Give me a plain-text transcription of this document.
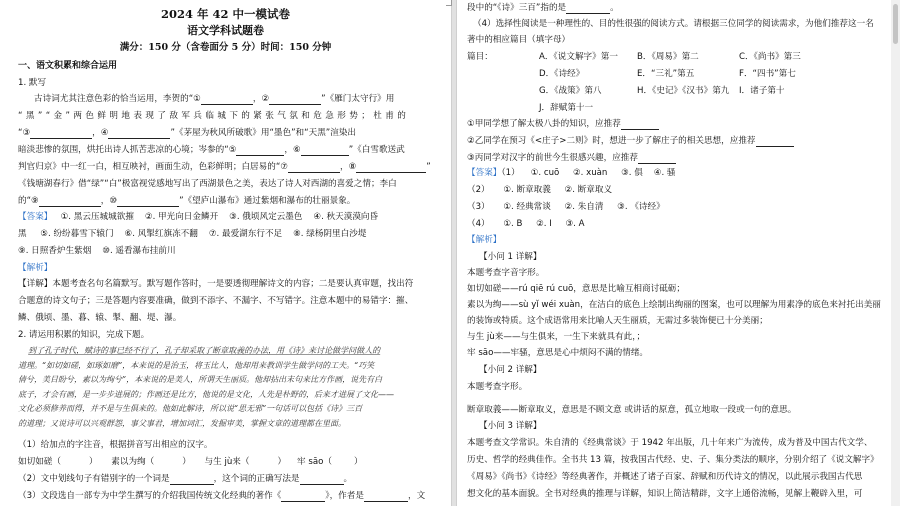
2024 年 42 中一模试卷
语文学科试题卷
满分：150 分（含卷面分 5 分）时间：150 分钟
一、语文积累和综合运用
1. 默写
古诗词尤其注意色彩的恰当运用，李贺的“①	，②	”《雁门太守行》用
“黑”“金”两色鲜明地表现了敌军兵临城下的紧张气氛和危急形势；杜甫的
“③	，④	”《茅屋为秋风所破歌》用“墨色”和“天黑”渲染出
暗淡悲惨的氛围，烘托出诗人抓苦悲凉的心境；岑参的“⑤	，⑥	”《白雪歌送武
判官归京》中一红一白，相互映衬，画面生动，色彩鲜明；白居易的“⑦	，⑧	”
《钱塘湖春行》借“绿”“白”极富视觉感地写出了西湖景色之美，表达了诗人对西湖的喜爱之情；李白
的“⑨	，⑩	”《望庐山瀑布》通过紫烟和瀑布的壮丽景象。
【答案】 ①. 黑云压城城欲摧 ②. 甲光向日金鳞开 ③. 俄顷风定云墨色 ④. 秋天漠漠向昏
黑 ⑤. 纷纷暮雪下辕门 ⑥. 风掣红旗冻不翻 ⑦. 最爱湖东行不足 ⑧. 绿杨阴里白沙堤
⑨. 日照香炉生紫烟 ⑩. 遥看瀑布挂前川
【解析】
【详解】本题考查名句名篇默写。默写题作答时，一是要透彻理解诗文的内容；二是要认真审题，找出符
合题意的诗文句子；三是答题内容要准确，做到不添字、不漏字、不写错字。注意本题中的易错字：摧、
鳞、俄顷、墨、暮、辕、掣、翻、堤、瀑。
2. 请运用积累的知识，完成下题。
到了孔子时代，赋诗的事已经不行了，孔子却采取了断章取義的办法，用《诗》来讨论做学问做人的
道理。“如切如磋，如琢如磨”，本来说的是治玉，将玉比人，他却用来教训学生做学问的工夫。“巧笑
倩兮，美目盼兮，素以为绚兮”，本来说的是美人，所谓天生丽质。他却拈出末句来比方作画，说先有白
底子，才会有画，是一步步进展的；作画还是比方，他说的是文化，人先是朴野的，后来才进展了文化——
文化必须修养而得，并不是与生俱来的。他如此解诗，所以说“思无邪”一句话可以包括《诗》三百
的道理；又说诗可以兴观群怨，事父事君，增加词汇，发掘审美，掌握文章的道理都在里面。
（1）给加点的字注音，根据拼音写出相应的汉字。
如切如磋（	）     素以为绚（	）     与生 jù来（	）    牢 sāo（	）
（2）文中划线句子有错别字的一个词是	，这个词的正确写法是	。
（3）文段选自一部专为中学生撰写的介绍我国传统文化经典的著作《	》，作者是	，文
段中的“《诗》三百”指的是	。
（4）选择性阅读是一种理性的、目的性很强的阅读方式。请根据三位同学的阅读需求，为他们推荐这一名
著中的相应篇目（填字母）
篇目：	A．《说文解字》第一 B．《周易》第二	C．《尚书》第三
D．《诗经》	E．“三礼”第五	F．“四书”第七
G．《战策》第八	H．《史记》《汉书》第九 I．诸子第十
J．辞赋第十一
①甲同学想了解太极八卦的知识，应推荐
②乙同学在预习《<庄子>二则》时，想进一步了解庄子的相关思想，应推荐
③丙同学对汉字的前世今生很感兴趣，应推荐
【答案】（1） ①. cuō ②. xuàn ③. 俱 ④. 骚
（2） ①. 断章取義 ②. 断章取义
（3） ①. 经典常谈 ②. 朱自清 ③. 《诗经》
（4） ①. B ②. I ③. A
【解析】
【小问 1 详解】
本题考查字音字形。
如切如磋——rú qiē rú cuō，意思是比喻互相商讨砥砺；
素以为绚——sù yǐ wéi xuàn，在洁白的底色上绘制出绚丽的图案，也可以理解为用素净的底色来衬托出美丽
的装饰或特质。这个成语常用来比喻人天生丽质，无需过多装饰便已十分美丽；
与生 jù来——与生俱来，一生下来就具有此，；
牢 sāo——牢骚，意思是心中烦闷不满的情绪。
【小问 2 详解】
本题考查字形。
断章取義——断章取义，意思是不顾文意 或讲话的原意，孤立地取一段或一句的意思。
【小问 3 详解】
本题考查文学常识。朱自清的《经典常谈》于 1942 年出版，几十年来广为流传，成为普及中国古代文学、
历史、哲学的经典佳作。全书共 13 篇，按我国古代经、史、子、集分类法的顺序，分别介绍了《说文解字》
《周易》《尚书》《诗经》等经典著作，并概述了诸子百家、辞赋和历代诗文的情况，以此展示我国古代思
想文化的基本面貌。全书对经典的推理与详解，知识上简洁精辟，文字上通俗流畅，见解上鞭辟入里，可
